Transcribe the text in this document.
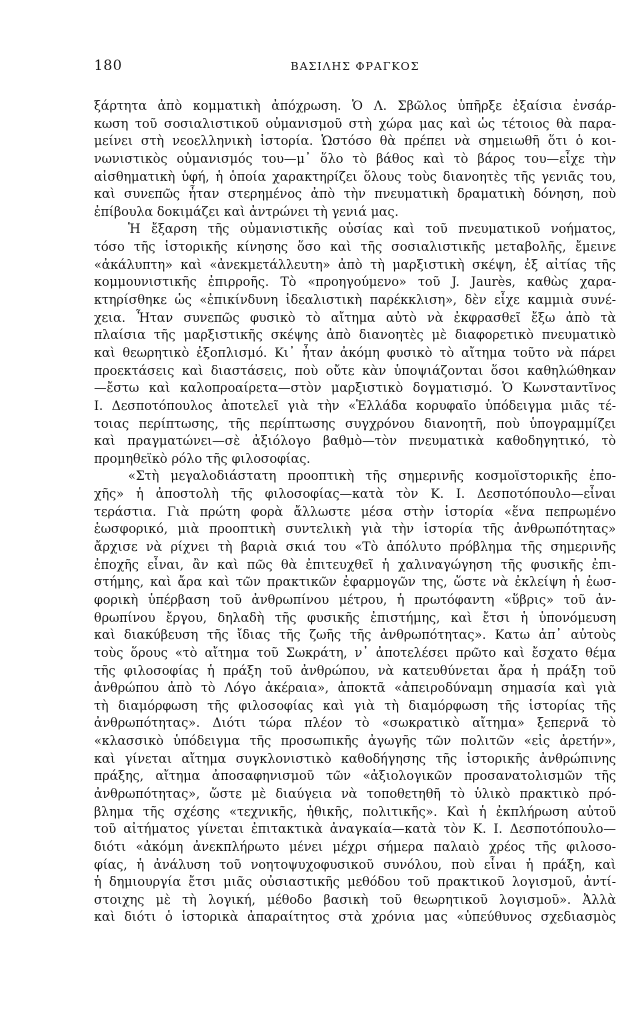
180	ΒΑΣΙΛΗΣ ΦΡΑΓΚΟΣ
ξάρτητα ἀπὸ κομματικὴ ἀπόχρωση. Ὁ Λ. Σβῶλος ὑπῆρξε ἐξαίσια ἐνσάρ-
κωση τοῦ σοσιαλιστικοῦ οὐμανισμοῦ στὴ χώρα μας καὶ ὡς τέτοιος θὰ παρα-
μείνει στὴ νεοελληνικὴ ἱστορία. Ὡστόσο θὰ πρέπει νὰ σημειωθῆ ὅτι ὁ κοι-
νωνιστικὸς οὐμανισμός του—μ᾿ ὅλο τὸ βάθος καὶ τὸ βάρος του—εἶχε τὴν
αἰσθηματικὴ ὑφή, ἡ ὁποία χαρακτηρίζει ὅλους τοὺς διανοητὲς τῆς γενιᾶς του,
καὶ συνεπῶς ἦταν στερημένος ἀπὸ τὴν πνευματικὴ δραματικὴ δόνηση, ποὺ
ἐπίβουλα δοκιμάζει καὶ ἀντρώνει τὴ γενιά μας.
Ἡ ἔξαρση τῆς οὐμανιστικῆς οὐσίας καὶ τοῦ πνευματικοῦ νοήματος,
τόσο τῆς ἱστορικῆς κίνησης ὅσο καὶ τῆς σοσιαλιστικῆς μεταβολῆς, ἔμεινε
«ἀκάλυπτη» καὶ «ἀνεκμετάλλευτη» ἀπὸ τὴ μαρξιστικὴ σκέψη, ἐξ αἰτίας τῆς
κομμουνιστικῆς ἐπιρροῆς. Τὸ «προηγούμενο» τοῦ J. Jaurès, καθὼς χαρα-
κτηρίσθηκε ὡς «ἐπικίνδυνη ἰδεαλιστικὴ παρέκκλιση», δὲν εἶχε καμμιὰ συνέ-
χεια. Ἦταν συνεπῶς φυσικὸ τὸ αἴτημα αὐτὸ νὰ ἐκφρασθεῖ ἔξω ἀπὸ τὰ
πλαίσια τῆς μαρξιστικῆς σκέψης ἀπὸ διανοητὲς μὲ διαφορετικὸ πνευματικὸ
καὶ θεωρητικὸ ἐξοπλισμό. Κι᾿ ἦταν ἀκόμη φυσικὸ τὸ αἴτημα τοῦτο νὰ πάρει
προεκτάσεις καὶ διαστάσεις, ποὺ οὔτε κὰν ὑποψιάζονται ὅσοι καθηλώθηκαν
—ἔστω καὶ καλοπροαίρετα—στὸν μαρξιστικὸ δογματισμό. Ὁ Κωνσταντῖνος
Ι. Δεσποτόπουλος ἀποτελεῖ γιὰ τὴν «Ἑλλάδα κορυφαῖο ὑπόδειγμα μιᾶς τέ-
τοιας περίπτωσης, τῆς περίπτωσης συγχρόνου διανοητῆ, ποὺ ὑπογραμμίζει
καὶ πραγματώνει—σὲ ἀξιόλογο βαθμὸ—τὸν πνευματικὰ καθοδηγητικό, τὸ
προμηθεϊκὸ ρόλο τῆς φιλοσοφίας.
«Στὴ μεγαλοδιάστατη προοπτικὴ τῆς σημερινῆς κοσμοϊστορικῆς ἐπο-
χῆς» ἡ ἀποστολὴ τῆς φιλοσοφίας—κατὰ τὸν Κ. Ι. Δεσποτόπουλο—εἶναι
τεράστια. Γιὰ πρώτη φορὰ ἄλλωστε μέσα στὴν ἱστορία «ἕνα πεπρωμένο
ἑωσφορικό, μιὰ προοπτικὴ συντελικὴ γιὰ τὴν ἱστορία τῆς ἀνθρωπότητας»
ἄρχισε νὰ ρίχνει τὴ βαριὰ σκιά του «Τὸ ἀπόλυτο πρόβλημα τῆς σημερινῆς
ἐποχῆς εἶναι, ἂν καὶ πῶς θὰ ἐπιτευχθεῖ ἡ χαλιναγώγηση τῆς φυσικῆς ἐπι-
στήμης, καὶ ἄρα καὶ τῶν πρακτικῶν ἐφαρμογῶν της, ὥστε νὰ ἐκλείψη ἡ ἑωσ-
φορικὴ ὑπέρβαση τοῦ ἀνθρωπίνου μέτρου, ἡ πρωτόφαντη «ὕβρις» τοῦ ἀν-
θρωπίνου ἔργου, δηλαδὴ τῆς φυσικῆς ἐπιστήμης, καὶ ἔτσι ἡ ὑπονόμευση
καὶ διακύβευση τῆς ἴδιας τῆς ζωῆς τῆς ἀνθρωπότητας». Κατω ἀπ᾿ αὐτοὺς
τοὺς ὅρους «τὸ αἴτημα τοῦ Σωκράτη, ν᾿ ἀποτελέσει πρῶτο καὶ ἔσχατο θέμα
τῆς φιλοσοφίας ἡ πράξη τοῦ ἀνθρώπου, νὰ κατευθύνεται ἄρα ἡ πράξη τοῦ
ἀνθρώπου ἀπὸ τὸ Λόγο ἀκέραια», ἀποκτᾶ «ἀπειροδύναμη σημασία καὶ γιὰ
τὴ διαμόρφωση τῆς φιλοσοφίας καὶ γιὰ τὴ διαμόρφωση τῆς ἱστορίας τῆς
ἀνθρωπότητας». Διότι τώρα πλέον τὸ «σωκρατικὸ αἴτημα» ξεπερνᾶ τὸ
«κλασσικὸ ὑπόδειγμα τῆς προσωπικῆς ἀγωγῆς τῶν πολιτῶν «εἰς ἀρετήν»,
καὶ γίνεται αἴτημα συγκλονιστικὸ καθοδήγησης τῆς ἱστορικῆς ἀνθρώπινης
πράξης, αἴτημα ἀποσαφηνισμοῦ τῶν «ἀξιολογικῶν προσανατολισμῶν τῆς
ἀνθρωπότητας», ὥστε μὲ διαύγεια νὰ τοποθετηθῆ τὸ ὑλικὸ πρακτικὸ πρό-
βλημα τῆς σχέσης «τεχνικῆς, ἠθικῆς, πολιτικῆς». Καὶ ἡ ἐκπλήρωση αὐτοῦ
τοῦ αἰτήματος γίνεται ἐπιτακτικὰ ἀναγκαία—κατὰ τὸν Κ. Ι. Δεσποτόπουλο—
διότι «ἀκόμη ἀνεκπλήρωτο μένει μέχρι σήμερα παλαιὸ χρέος τῆς φιλοσο-
φίας, ἡ ἀνάλυση τοῦ νοητοψυχοφυσικοῦ συνόλου, ποὺ εἶναι ἡ πράξη, καὶ
ἡ δημιουργία ἔτσι μιᾶς οὐσιαστικῆς μεθόδου τοῦ πρακτικοῦ λογισμοῦ, ἀντί-
στοιχης μὲ τὴ λογική, μέθοδο βασικὴ τοῦ θεωρητικοῦ λογισμοῦ». Ἀλλὰ
καὶ διότι ὁ ἱστορικὰ ἀπαραίτητος στὰ χρόνια μας «ὑπεύθυνος σχεδιασμὸς
